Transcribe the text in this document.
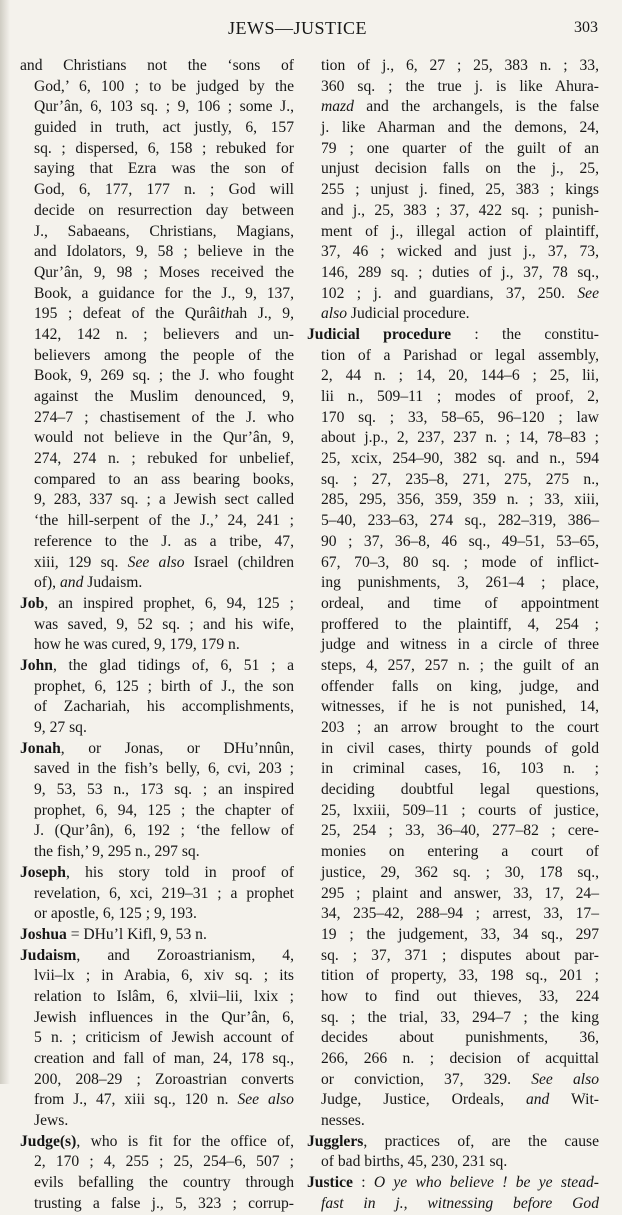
JEWS—JUSTICE	303
and Christians not the ‘sons of
God,’ 6, 100 ; to be judged by the
Qur’ân, 6, 103 sq. ; 9, 106 ; some J.,
guided in truth, act justly, 6, 157
sq. ; dispersed, 6, 158 ; rebuked for
saying that Ezra was the son of
God, 6, 177, 177 n. ; God will
decide on resurrection day between
J., Sabaeans, Christians, Magians,
and Idolators, 9, 58 ; believe in the
Qur’ân, 9, 98 ; Moses received the
Book, a guidance for the J., 9, 137,
195 ; defeat of the Qurâithah J., 9,
142, 142 n. ; believers and un-
believers among the people of the
Book, 9, 269 sq. ; the J. who fought
against the Muslim denounced, 9,
274–7 ; chastisement of the J. who
would not believe in the Qur’ân, 9,
274, 274 n. ; rebuked for unbelief,
compared to an ass bearing books,
9, 283, 337 sq. ; a Jewish sect called
‘the hill-serpent of the J.,’ 24, 241 ;
reference to the J. as a tribe, 47,
xiii, 129 sq. See also Israel (children
of), and Judaism.
Job, an inspired prophet, 6, 94, 125 ;
was saved, 9, 52 sq. ; and his wife,
how he was cured, 9, 179, 179 n.
John, the glad tidings of, 6, 51 ; a
prophet, 6, 125 ; birth of J., the son
of Zachariah, his accomplishments,
9, 27 sq.
Jonah, or Jonas, or DHu’nnûn,
saved in the fish’s belly, 6, cvi, 203 ;
9, 53, 53 n., 173 sq. ; an inspired
prophet, 6, 94, 125 ; the chapter of
J. (Qur’ân), 6, 192 ; ‘the fellow of
the fish,’ 9, 295 n., 297 sq.
Joseph, his story told in proof of
revelation, 6, xci, 219–31 ; a prophet
or apostle, 6, 125 ; 9, 193.
Joshua = DHu’l Kifl, 9, 53 n.
Judaism, and Zoroastrianism, 4,
lvii–lx ; in Arabia, 6, xiv sq. ; its
relation to Islâm, 6, xlvii–lii, lxix ;
Jewish influences in the Qur’ân, 6,
5 n. ; criticism of Jewish account of
creation and fall of man, 24, 178 sq.,
200, 208–29 ; Zoroastrian converts
from J., 47, xiii sq., 120 n. See also
Jews.
Judge(s), who is fit for the office of,
2, 170 ; 4, 255 ; 25, 254–6, 507 ;
evils befalling the country through
trusting a false j., 5, 323 ; corrup-
tion of j., 6, 27 ; 25, 383 n. ; 33,
360 sq. ; the true j. is like Ahura-
mazd and the archangels, is the false
j. like Aharman and the demons, 24,
79 ; one quarter of the guilt of an
unjust decision falls on the j., 25,
255 ; unjust j. fined, 25, 383 ; kings
and j., 25, 383 ; 37, 422 sq. ; punish-
ment of j., illegal action of plaintiff,
37, 46 ; wicked and just j., 37, 73,
146, 289 sq. ; duties of j., 37, 78 sq.,
102 ; j. and guardians, 37, 250. See
also Judicial procedure.
Judicial procedure : the constitu-
tion of a Parishad or legal assembly,
2, 44 n. ; 14, 20, 144–6 ; 25, lii,
lii n., 509–11 ; modes of proof, 2,
170 sq. ; 33, 58–65, 96–120 ; law
about j.p., 2, 237, 237 n. ; 14, 78–83 ;
25, xcix, 254–90, 382 sq. and n., 594
sq. ; 27, 235–8, 271, 275, 275 n.,
285, 295, 356, 359, 359 n. ; 33, xiii,
5–40, 233–63, 274 sq., 282–319, 386–
90 ; 37, 36–8, 46 sq., 49–51, 53–65,
67, 70–3, 80 sq. ; mode of inflict-
ing punishments, 3, 261–4 ; place,
ordeal, and time of appointment
proffered to the plaintiff, 4, 254 ;
judge and witness in a circle of three
steps, 4, 257, 257 n. ; the guilt of an
offender falls on king, judge, and
witnesses, if he is not punished, 14,
203 ; an arrow brought to the court
in civil cases, thirty pounds of gold
in criminal cases, 16, 103 n. ;
deciding doubtful legal questions,
25, lxxiii, 509–11 ; courts of justice,
25, 254 ; 33, 36–40, 277–82 ; cere-
monies on entering a court of
justice, 29, 362 sq. ; 30, 178 sq.,
295 ; plaint and answer, 33, 17, 24–
34, 235–42, 288–94 ; arrest, 33, 17–
19 ; the judgement, 33, 34 sq., 297
sq. ; 37, 371 ; disputes about par-
tition of property, 33, 198 sq., 201 ;
how to find out thieves, 33, 224
sq. ; the trial, 33, 294–7 ; the king
decides about punishments, 36,
266, 266 n. ; decision of acquittal
or conviction, 37, 329. See also
Judge, Justice, Ordeals, and Wit-
nesses.
Jugglers, practices of, are the cause
of bad births, 45, 230, 231 sq.
Justice : O ye who believe ! be ye stead-
fast in j., witnessing before God
